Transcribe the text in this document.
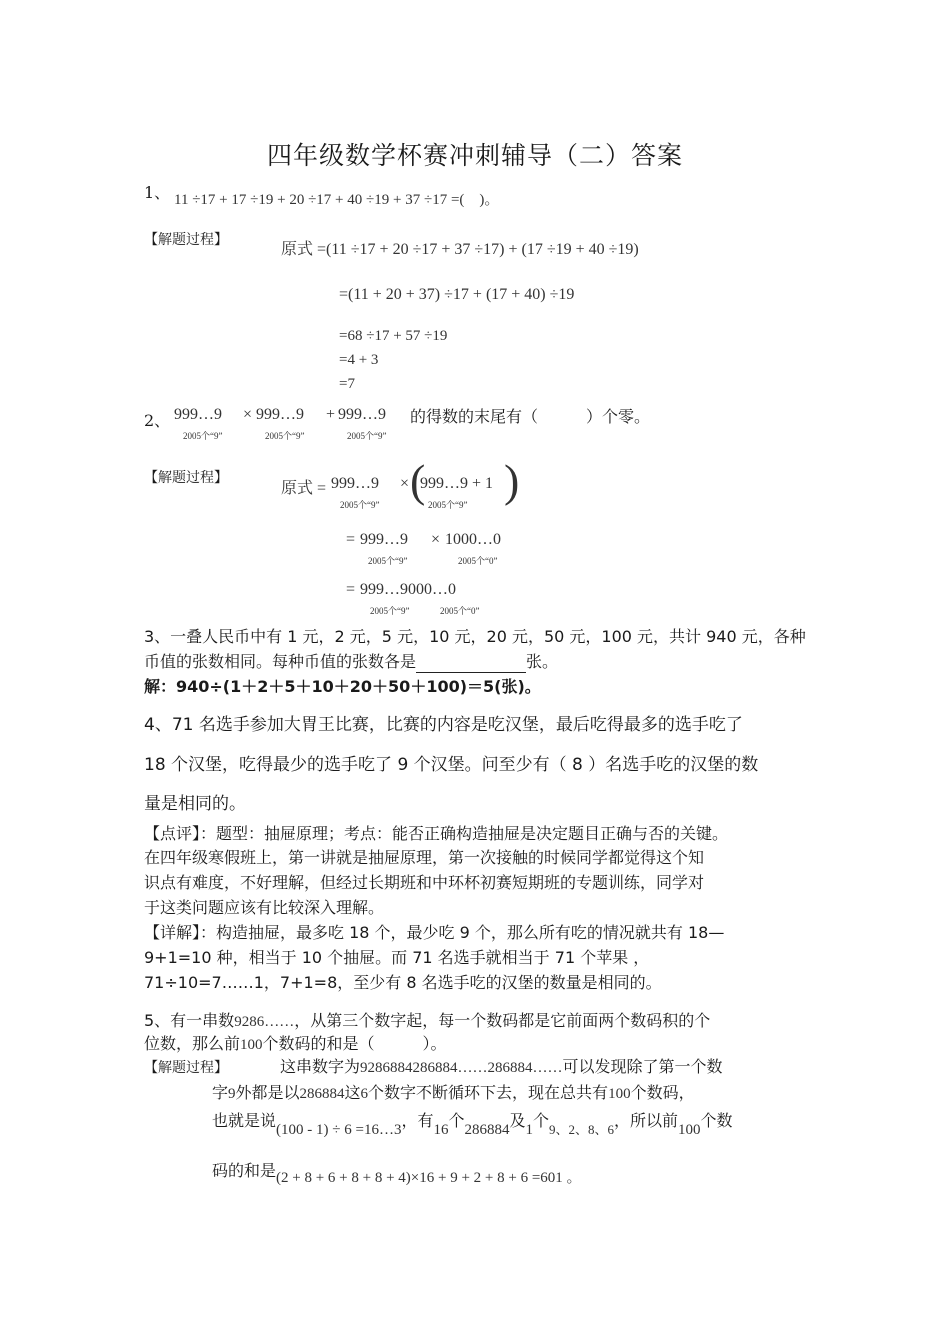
四年级数学杯赛冲刺辅导（二）答案
1、 11 ÷17 + 17 ÷19 + 20 ÷17 + 40 ÷19 + 37 ÷17 =(　)。
【解题过程】
原式 =(11 ÷17 + 20 ÷17 + 37 ÷17) + (17 ÷19 + 40 ÷19)
=(11 + 20 + 37) ÷17 + (17 + 40) ÷19
=68 ÷17 + 57 ÷19
=4 + 3
=7
2、 999…9
2005个“9”
× 999…9
2005个“9”
+ 999…9
2005个“9”
的得数的末尾有（　　　）个零。
【解题过程】
原式 = 999…9
2005个“9”
× (
999…9 + 1
2005个“9” )
= 999…9
2005个“9”
× 1000…0
2005个“0”
= 999…9000…0
2005个“9”	2005个“0”
3、一叠人民币中有 1 元，2 元，5 元，10 元，20 元，50 元，100 元，共计 940 元，各种
币值的张数相同。每种币值的张数各是	张。
解：940÷(1＋2＋5＋10＋20＋50＋100)＝5(张)。
4、71 名选手参加大胃王比赛，比赛的内容是吃汉堡，最后吃得最多的选手吃了
18 个汉堡，吃得最少的选手吃了 9 个汉堡。问至少有（ 8 ）名选手吃的汉堡的数
量是相同的。
【点评】：题型：抽屉原理；考点：能否正确构造抽屉是决定题目正确与否的关键。
在四年级寒假班上，第一讲就是抽屉原理，第一次接触的时候同学都觉得这个知
识点有难度，不好理解，但经过长期班和中环杯初赛短期班的专题训练，同学对
于这类问题应该有比较深入理解。
【详解】：构造抽屉，最多吃 18 个，最少吃 9 个，那么所有吃的情况就共有 18—
9+1=10 种，相当于 10 个抽屉。而 71 名选手就相当于 71 个苹果 ，
71÷10=7……1，7+1=8，至少有 8 名选手吃的汉堡的数量是相同的。
5、有一串数9286……，从第三个数字起，每一个数码都是它前面两个数码积的个
位数，那么前100个数码的和是（　　　）。
【解题过程】	这串数字为9286884286884……286884……可以发现除了第一个数
字9外都是以286884这6个数字不断循环下去，现在总共有100个数码，
也就是说(100 - 1) ÷ 6 =16…3，有16个286884及1个$_{9、2、8、6}$，所以前100个数
码的和是(2 + 8 + 6 + 8 + 8 + 4)×16 + 9 + 2 + 8 + 6 =601 。
